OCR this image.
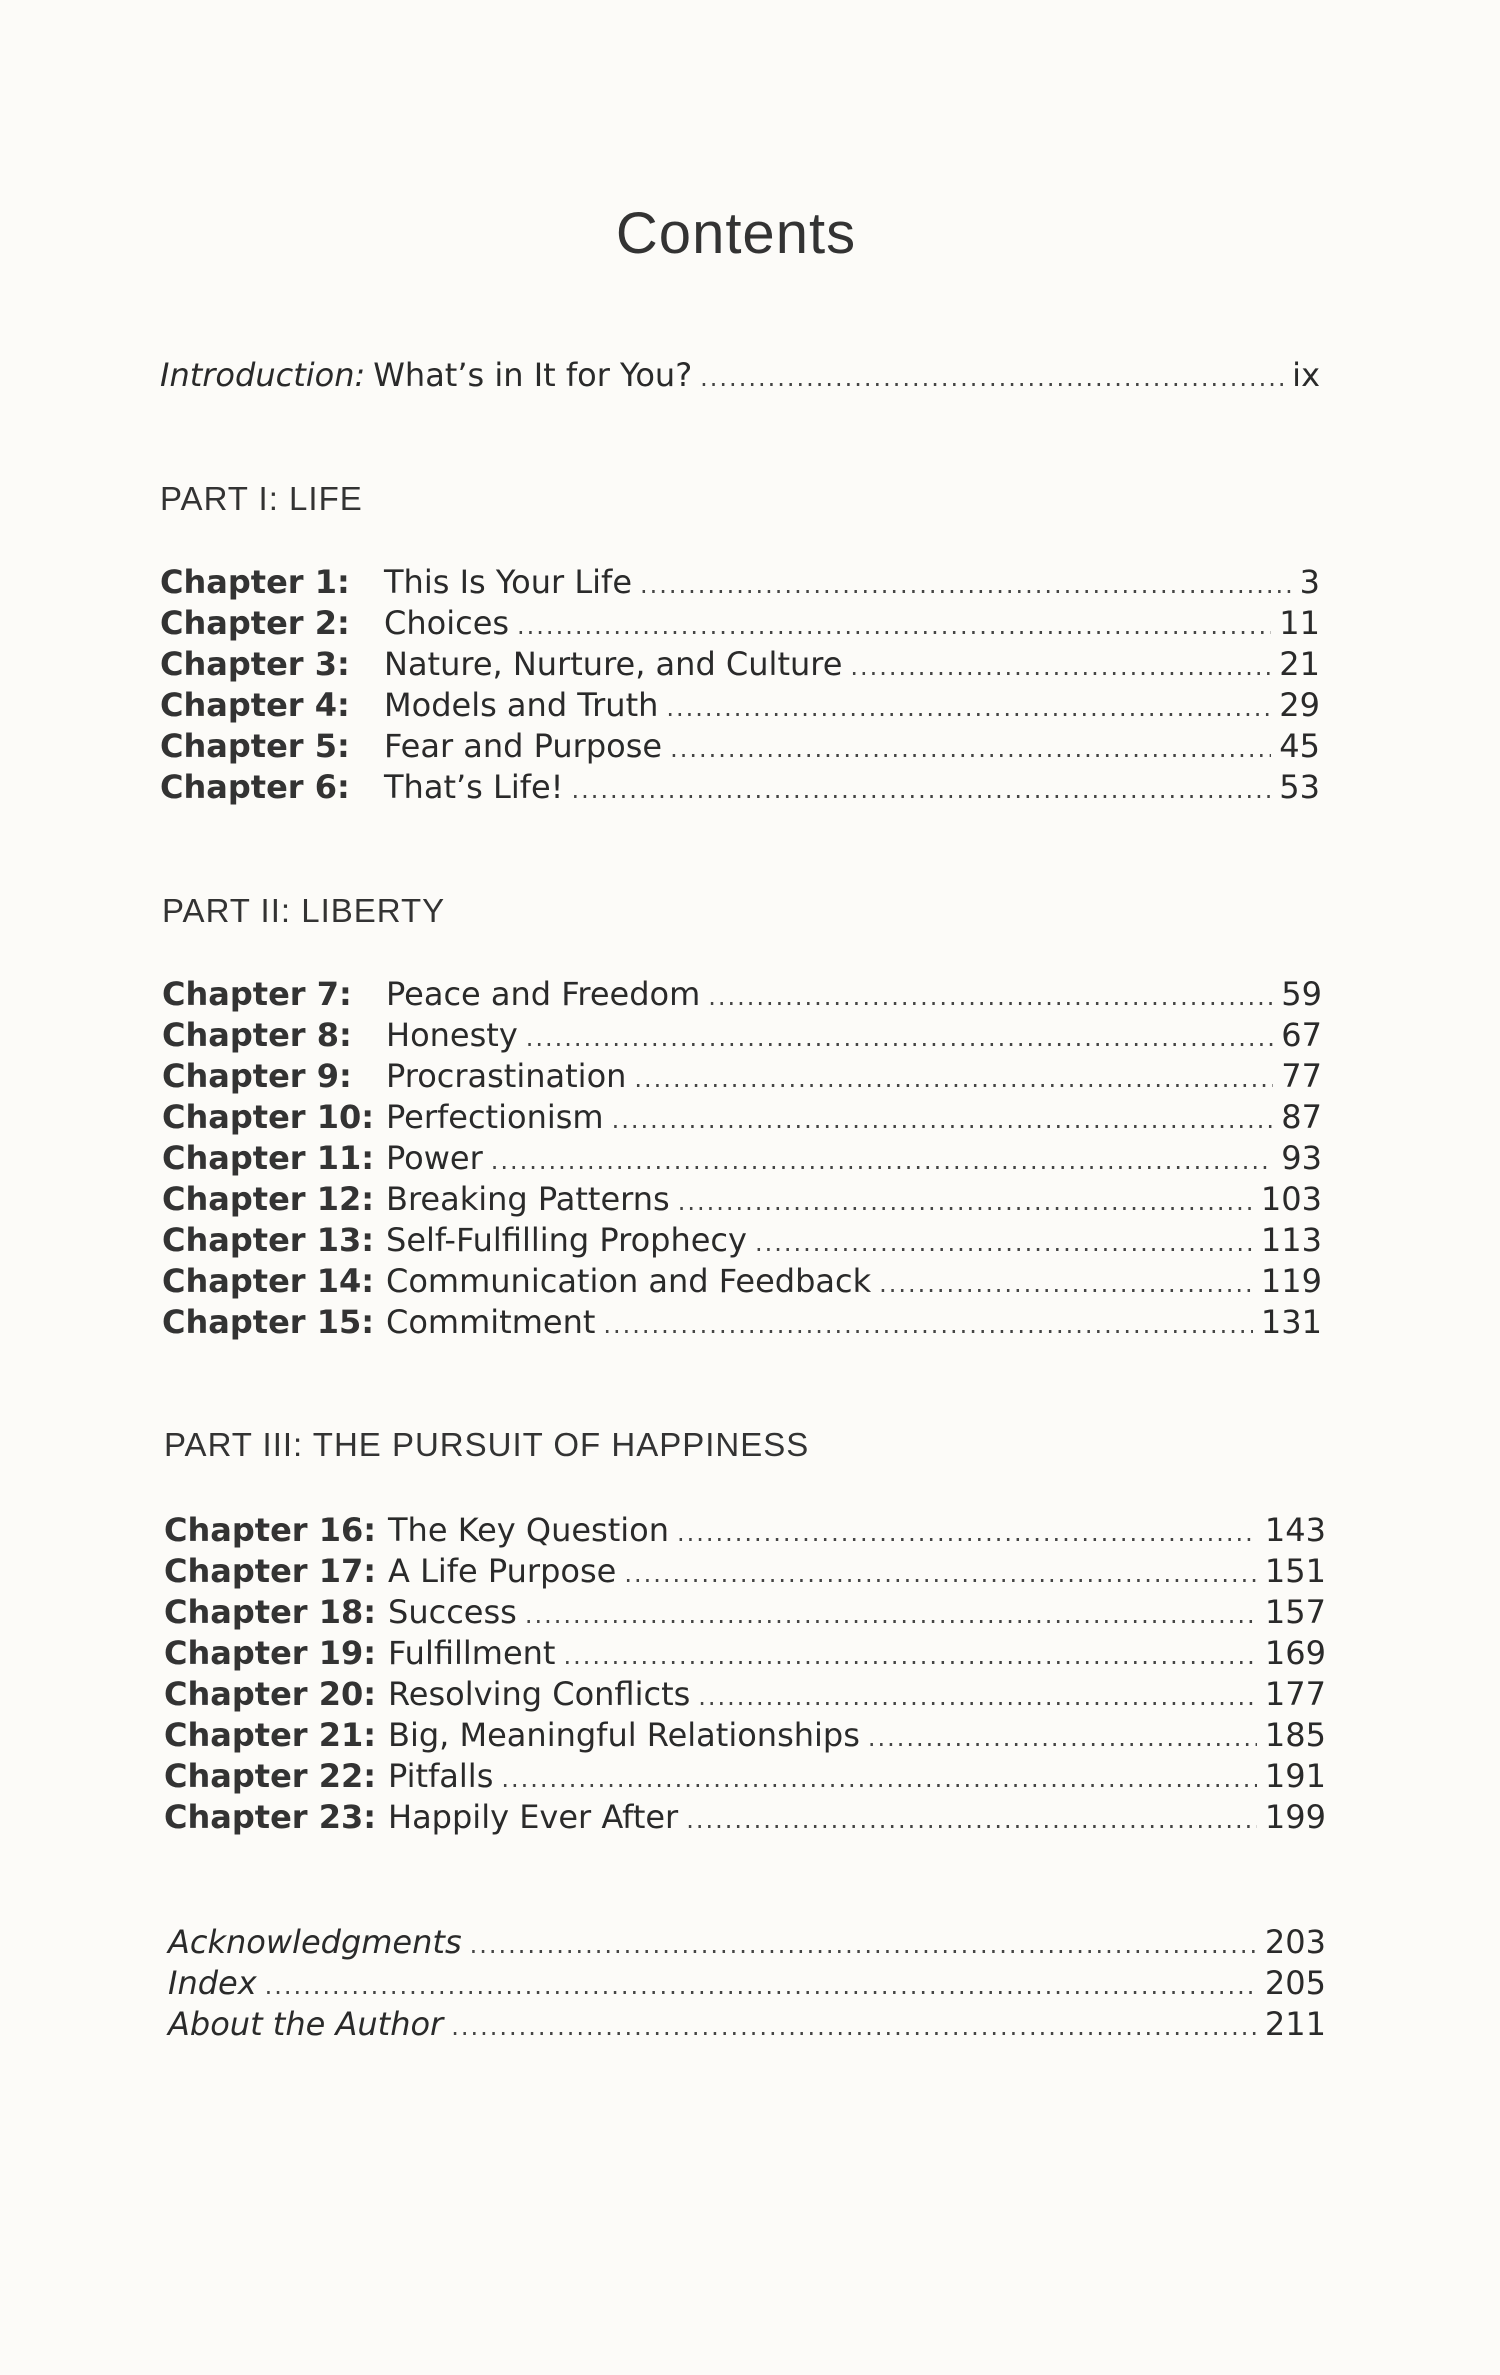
Contents
Introduction: What’s in It for You? .....	ix
PART I: LIFE
Chapter 1:	This Is Your Life .....	3
Chapter 2:	Choices .....	11
Chapter 3:	Nature, Nurture, and Culture .....	21
Chapter 4:	Models and Truth .....	29
Chapter 5:	Fear and Purpose .....	45
Chapter 6:	That’s Life! .....	53
PART II: LIBERTY
Chapter 7:	Peace and Freedom .....	59
Chapter 8:	Honesty .....	67
Chapter 9:	Procrastination .....	77
Chapter 10: Perfectionism .....	87
Chapter 11: Power .....	93
Chapter 12: Breaking Patterns .....	103
Chapter 13: Self-Fulfilling Prophecy .....	113
Chapter 14: Communication and Feedback .....	119
Chapter 15: Commitment .....	131
PART III: THE PURSUIT OF HAPPINESS
Chapter 16: The Key Question .....	143
Chapter 17: A Life Purpose .....	151
Chapter 18: Success .....	157
Chapter 19: Fulfillment .....	169
Chapter 20: Resolving Conflicts .....	177
Chapter 21: Big, Meaningful Relationships .....	185
Chapter 22: Pitfalls .....	191
Chapter 23: Happily Ever After .....	199
Acknowledgments .....	203
Index .....	205
About the Author .....	211
